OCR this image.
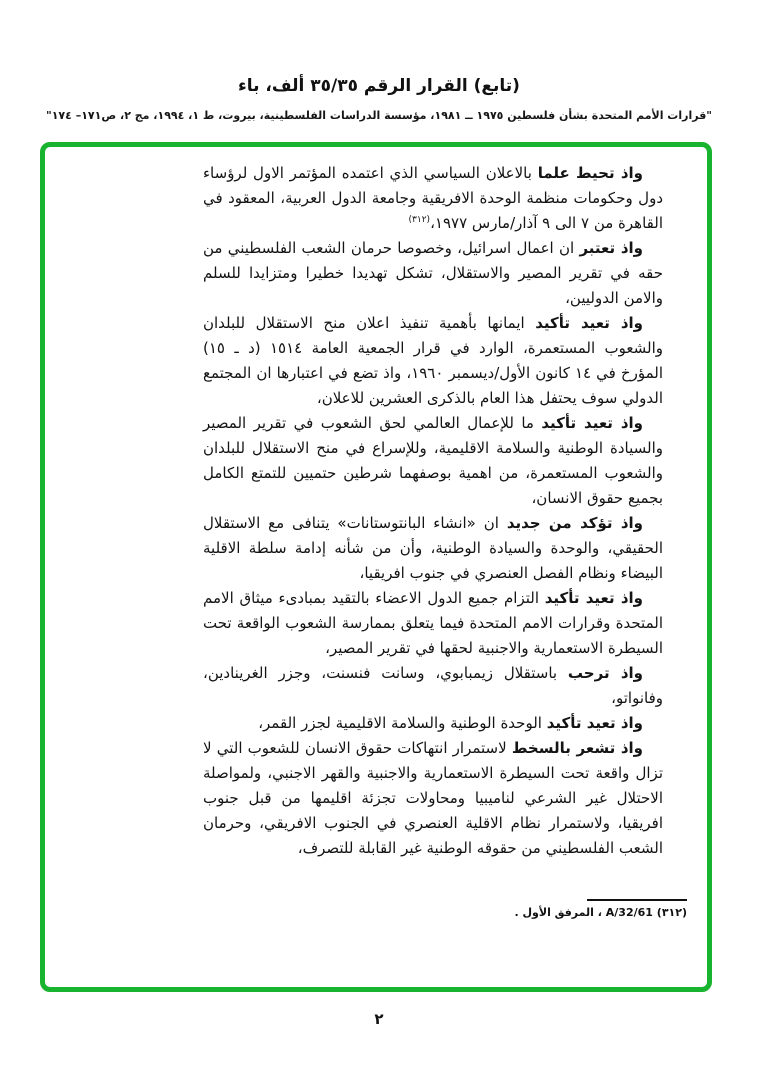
(تابع) القرار الرقم ٣٥/٣٥ ألف، باء
"قرارات الأمم المتحدة بشأن فلسطين ١٩٧٥ ــ ١٩٨١، مؤسسة الدراسات الفلسطينية، بيروت، ط ١، ١٩٩٤، مج ٢، ص١٧١– ١٧٤"

واذ تحيط علما بالاعلان السياسي الذي اعتمده المؤتمر الاول لرؤساء دول وحكومات منظمة الوحدة الافريقية وجامعة الدول العربية، المعقود في القاهرة من ٧ الى ٩ آذار/مارس ١٩٧٧،$^{(٣١٢)}$

واذ تعتبر ان اعمال اسرائيل، وخصوصا حرمان الشعب الفلسطيني من حقه في تقرير المصير والاستقلال، تشكل تهديدا خطيرا ومتزايدا للسلم والامن الدوليين،

واذ تعيد تأكيد ايمانها بأهمية تنفيذ اعلان منح الاستقلال للبلدان والشعوب المستعمرة، الوارد في قرار الجمعية العامة ١٥١٤ (د ـ ١٥) المؤرخ في ١٤ كانون الأول/ديسمبر ١٩٦٠، واذ تضع في اعتبارها ان المجتمع الدولي سوف يحتفل هذا العام بالذكرى العشرين للاعلان،

واذ تعيد تأكيد ما للإعمال العالمي لحق الشعوب في تقرير المصير والسيادة الوطنية والسلامة الاقليمية، وللإسراع في منح الاستقلال للبلدان والشعوب المستعمرة، من اهمية بوصفهما شرطين حتميين للتمتع الكامل بجميع حقوق الانسان،

واذ تؤكد من جديد ان «انشاء البانتوستانات» يتنافى مع الاستقلال الحقيقي، والوحدة والسيادة الوطنية، وأن من شأنه إدامة سلطة الاقلية البيضاء ونظام الفصل العنصري في جنوب افريقيا،

واذ تعيد تأكيد التزام جميع الدول الاعضاء بالتقيد بمبادىء ميثاق الامم المتحدة وقرارات الامم المتحدة فيما يتعلق بممارسة الشعوب الواقعة تحت السيطرة الاستعمارية والاجنبية لحقها في تقرير المصير،

واذ ترحب باستقلال زيمبابوي، وسانت فنسنت، وجزر الغرينادين، وفانواتو،

واذ تعيد تأكيد الوحدة الوطنية والسلامة الاقليمية لجزر القمر،

واذ تشعر بالسخط لاستمرار انتهاكات حقوق الانسان للشعوب التي لا تزال واقعة تحت السيطرة الاستعمارية والاجنبية والقهر الاجنبي، ولمواصلة الاحتلال غير الشرعي لناميبيا ومحاولات تجزئة اقليمها من قبل جنوب افريقيا، ولاستمرار نظام الاقلية العنصري في الجنوب الافريقي، وحرمان الشعب الفلسطيني من حقوقه الوطنية غير القابلة للتصرف،

(٣١٢) A/32/61 ، المرفق الأول .
٢
